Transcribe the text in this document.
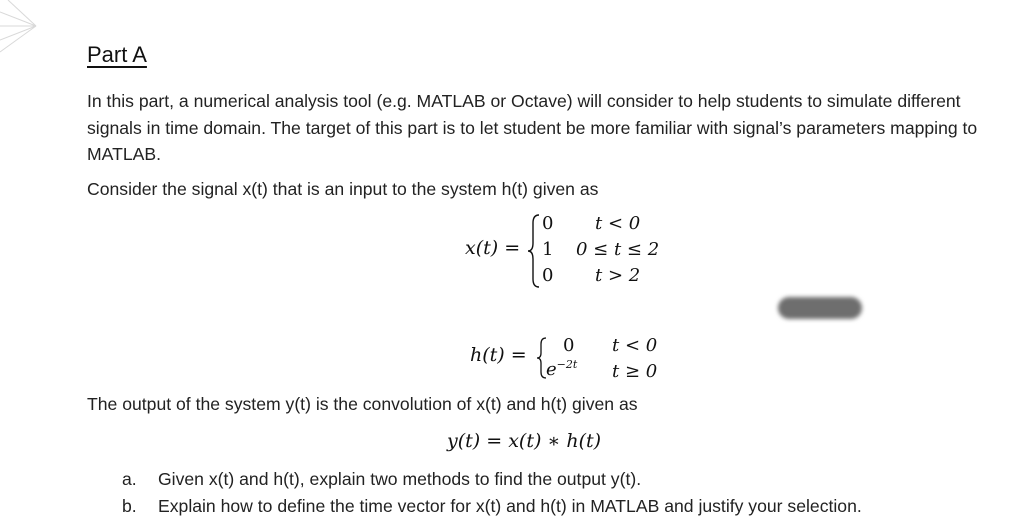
Part A
In this part, a numerical analysis tool (e.g. MATLAB or Octave) will consider to help students to simulate different signals in time domain. The target of this part is to let student be more familiar with signal’s parameters mapping to MATLAB.
Consider the signal x(t) that is an input to the system h(t) given as
x(t) =
0 t < 0
1 0 ≤ t ≤ 2
0 t > 2
h(t) = 0 t < 0
$e^{-2t}$ t ≥ 0
The output of the system y(t) is the convolution of x(t) and h(t) given as
y(t) = x(t) ∗ h(t)
a. Given x(t) and h(t), explain two methods to find the output y(t).
b. Explain how to define the time vector for x(t) and h(t) in MATLAB and justify your selection.
